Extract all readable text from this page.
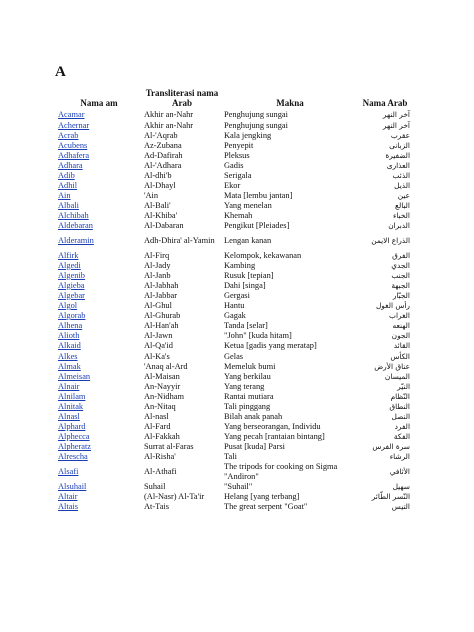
A
Nama am	Transliterasi nama Arab	Makna	Nama Arab
Acamar	Akhir an-Nahr	Penghujung sungai	آخر النهر
Achernar	Akhir an-Nahr	Penghujung sungai	آخر النهر
Acrab	Al-'Aqrab	Kala jengking	عقرب
Acubens	Az-Zubana	Penyepit	الزبانى
Adhafera	Ad-Dafirah	Pleksus	الضفيرة
Adhara	Al-'Adhara	Gadis	العذارى
Adib	Al-dhi'b	Serigala	الذئب
Adhil	Al-Dhayl	Ekor	الذيل
Ain	'Ain	Mata [lembu jantan]	عين
Albali	Al-Bali'	Yang menelan	البالع
Alchibah	Al-Khiba'	Khemah	الخباء
Aldebaran	Al-Dabaran	Pengikut [Pleiades]	الدبران
Alderamin	Adh-Dhira' al-Yamin	Lengan kanan	الذراع الايمن
Alfirk	Al-Firq	Kelompok, kekawanan	الفرق
Algedi	Al-Jady	Kambing	الجدي
Algenib	Al-Janb	Rusuk [tepian]	الجنب
Algieba	Al-Jabhah	Dahi [singa]	الجبهة
Algebar	Al-Jabbar	Gergasi	الجبّار
Algol	Al-Ghul	Hantu	رأس الغول
Algorab	Al-Ghurab	Gagak	الغراب
Alhena	Al-Han'ah	Tanda [selar]	الهنعه
Alioth	Al-Jawn	"John" [kuda hitam]	الجون
Alkaid	Al-Qa'id	Ketua [gadis yang meratap]	القائد
Alkes	Al-Ka's	Gelas	الكأس
Almak	'Anaq al-Ard	Memeluk bumi	عناق الأرض
Almeisan	Al-Maisan	Yang berkilau	الميسان
Alnair	An-Nayyir	Yang terang	النيّر
Alnilam	An-Nidham	Rantai mutiara	النّظام
Alnitak	An-Nitaq	Tali pinggang	النطاق
Alnasl	Al-nasl	Bilah anak panah	النصل
Alphard	Al-Fard	Yang berseorangan, Individu	الفرد
Alphecca	Al-Fakkah	Yang pecah [rantaian bintang]	الفكة
Alpheratz	Surrat al-Faras	Pusat [kuda] Parsi	سرة الفرس
Alrescha	Al-Risha'	Tali	الرشاء
Alsafi	Al-Athafi	The tripods for cooking on Sigma "Andiron"	الأثافي
Alsuhail	Suhail	"Suhail"	سهيل
Altair	(Al-Nasr) Al-Ta'ir	Helang [yang terbang]	النّسر الطّائر
Altais	At-Tais	The great serpent "Goat"	التيس
